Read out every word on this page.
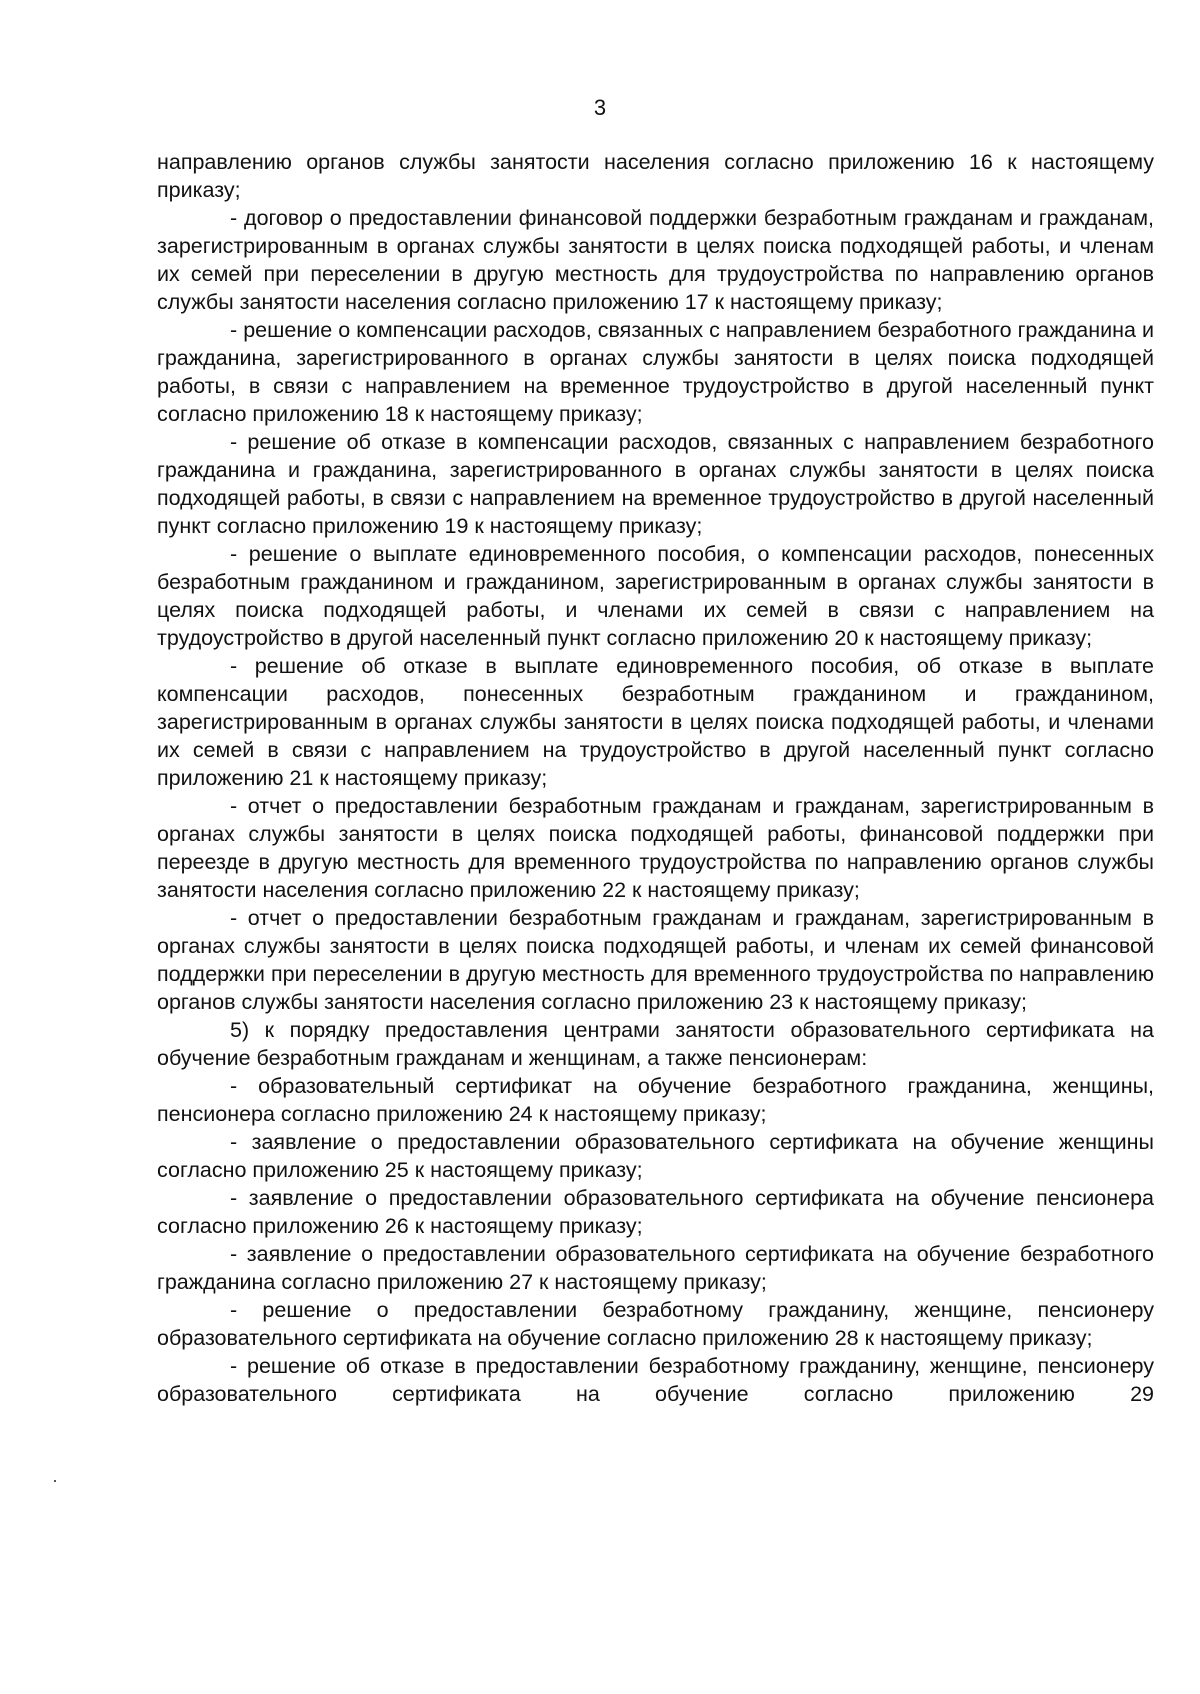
3

направлению органов службы занятости населения согласно приложению 16 к настоящему приказу;

- договор о предоставлении финансовой поддержки безработным гражданам и гражданам, зарегистрированным в органах службы занятости в целях поиска подходящей работы, и членам их семей при переселении в другую местность для трудоустройства по направлению органов службы занятости населения согласно приложению 17 к настоящему приказу;

- решение о компенсации расходов, связанных с направлением безработного гражданина и гражданина, зарегистрированного в органах службы занятости в целях поиска подходящей работы, в связи с направлением на временное трудоустройство в другой населенный пункт согласно приложению 18 к настоящему приказу;

- решение об отказе в компенсации расходов, связанных с направлением безработного гражданина и гражданина, зарегистрированного в органах службы занятости в целях поиска подходящей работы, в связи с направлением на временное трудоустройство в другой населенный пункт согласно приложению 19 к настоящему приказу;

- решение о выплате единовременного пособия, о компенсации расходов, понесенных безработным гражданином и гражданином, зарегистрированным в органах службы занятости в целях поиска подходящей работы, и членами их семей в связи с направлением на трудоустройство в другой населенный пункт согласно приложению 20 к настоящему приказу;

- решение об отказе в выплате единовременного пособия, об отказе в выплате компенсации расходов, понесенных безработным гражданином и гражданином, зарегистрированным в органах службы занятости в целях поиска подходящей работы, и членами их семей в связи с направлением на трудоустройство в другой населенный пункт согласно приложению 21 к настоящему приказу;

- отчет о предоставлении безработным гражданам и гражданам, зарегистрированным в органах службы занятости в целях поиска подходящей работы, финансовой поддержки при переезде в другую местность для временного трудоустройства по направлению органов службы занятости населения согласно приложению 22 к настоящему приказу;

- отчет о предоставлении безработным гражданам и гражданам, зарегистрированным в органах службы занятости в целях поиска подходящей работы, и членам их семей финансовой поддержки при переселении в другую местность для временного трудоустройства по направлению органов службы занятости населения согласно приложению 23 к настоящему приказу;

5) к порядку предоставления центрами занятости образовательного сертификата на обучение безработным гражданам и женщинам, а также пенсионерам:

- образовательный сертификат на обучение безработного гражданина, женщины, пенсионера согласно приложению 24 к настоящему приказу;

- заявление о предоставлении образовательного сертификата на обучение женщины согласно приложению 25 к настоящему приказу;

- заявление о предоставлении образовательного сертификата на обучение пенсионера согласно приложению 26 к настоящему приказу;

- заявление о предоставлении образовательного сертификата на обучение безработного гражданина согласно приложению 27 к настоящему приказу;

- решение о предоставлении безработному гражданину, женщине, пенсионеру образовательного сертификата на обучение согласно приложению 28 к настоящему приказу;

- решение об отказе в предоставлении безработному гражданину, женщине, пенсионеру образовательного сертификата на обучение согласно приложению 29
